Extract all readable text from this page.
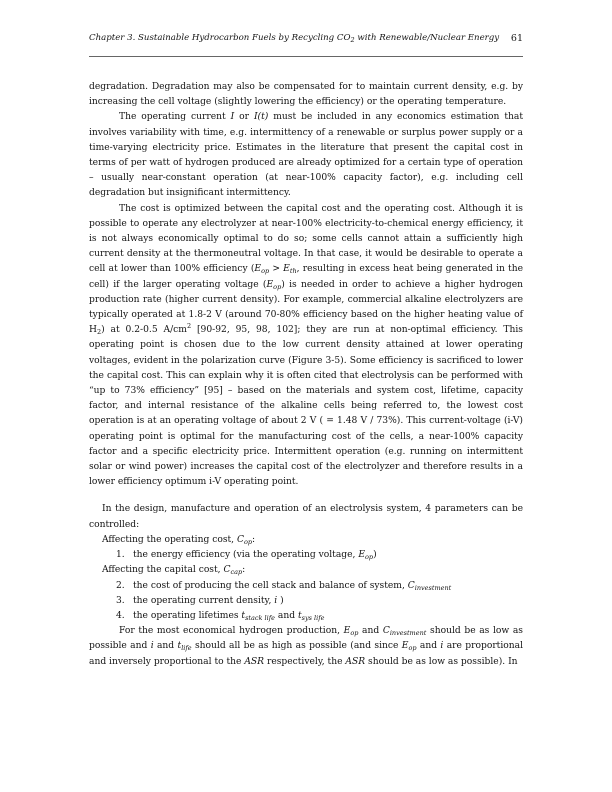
Chapter 3. Sustainable Hydrocarbon Fuels by Recycling $CO_2$ with Renewable/Nuclear Energy 61

degradation. Degradation may also be compensated for to maintain current density, e.g. by increasing the cell voltage (slightly lowering the efficiency) or the operating temperature.

The operating current I or I(t) must be included in any economics estimation that involves variability with time, e.g. intermittency of a renewable or surplus power supply or a time-varying electricity price. Estimates in the literature that present the capital cost in terms of per watt of hydrogen produced are already optimized for a certain type of operation – usually near-constant operation (at near-100% capacity factor), e.g. including cell degradation but insignificant intermittency.

The cost is optimized between the capital cost and the operating cost. Although it is possible to operate any electrolyzer at near-100% electricity-to-chemical energy efficiency, it is not always economically optimal to do so; some cells cannot attain a sufficiently high current density at the thermoneutral voltage. In that case, it would be desirable to operate a cell at lower than 100% efficiency ($E_{op} > E_{th}$, resulting in excess heat being generated in the cell) if the larger operating voltage $(E_{op})$ is needed in order to achieve a higher hydrogen production rate (higher current density). For example, commercial alkaline electrolyzers are typically operated at 1.8-2 V (around 70-80% efficiency based on the higher heating value of $H_2$) at 0.2-0.5 $A/cm^2$ [90-92, 95, 98, 102]; they are run at non-optimal efficiency. This operating point is chosen due to the low current density attained at lower operating voltages, evident in the polarization curve (Figure 3-5). Some efficiency is sacrificed to lower the capital cost. This can explain why it is often cited that electrolysis can be performed with “up to 73% efficiency” [95] – based on the materials and system cost, lifetime, capacity factor, and internal resistance of the alkaline cells being referred to, the lowest cost operation is at an operating voltage of about 2 V ( = 1.48 V / 73%). This current-voltage (i-V) operating point is optimal for the manufacturing cost of the cells, a near-100% capacity factor and a specific electricity price. Intermittent operation (e.g. running on intermittent solar or wind power) increases the capital cost of the electrolyzer and therefore results in a lower efficiency optimum i-V operating point.

In the design, manufacture and operation of an electrolysis system, 4 parameters can be controlled:

Affecting the operating cost, $C_{op}$:

1. the energy efficiency (via the operating voltage, $E_{op}$)

Affecting the capital cost, $C_{cap}$:

2. the cost of producing the cell stack and balance of system, $C_{investment}$

3. the operating current density, i )

4. the operating lifetimes $t_{stack life}$ and $t_{sys life}$

For the most economical hydrogen production, $E_{op}$ and $C_{investment}$ should be as low as possible and i and $t_{life}$ should all be as high as possible (and since $E_{op}$ and i are proportional and inversely proportional to the ASR respectively, the ASR should be as low as possible). In
